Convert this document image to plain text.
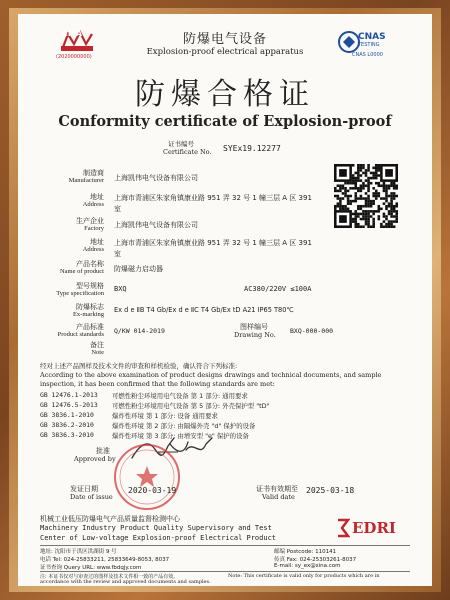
CMA
(2020000000)
防爆电气设备
Explosion-proof electrical apparatus
CNAS
TESTING
CNAS L0000
防爆合格证
Conformity certificate of Explosion-proof
证书编号
Certificate No. SYEx19.12277
制造商
Manufacturer 上海凯伟电气设备有限公司
地址
Address
上海市青浦区朱家角镇康业路 951 弄 32 号 1 幢三层 A 区 391
室
生产企业
Factory 上海凯伟电气设备有限公司
地址
Address
上海市青浦区朱家角镇康业路 951 弄 32 号 1 幢三层 A 区 391
室
产品名称
Name of product 防爆磁力启动器
型号规格
Type specification
BXQ	AC380/220V ≤100A
防爆标志
Ex-marking
Ex d e ⅡB T4 Gb/Ex d e ⅡC T4 Gb/Ex tD A21 IP65 T80℃
产品标准
Product standards Q/KW 014-2019	图样编号
Drawing No. BXQ-000-000
备注
Note
经对上述产品图样及技术文件的审查和样机检验，确认符合下列标准:
According to the above examination of product designs drawings and technical documents, and sample
inspection, it has been confirmed that the following standards are met:
GB 12476.1-2013 可燃性粉尘环境用电气设备 第 1 部分: 通用要求
GB 12476.5-2013 可燃性粉尘环境用电气设备 第 5 部分: 外壳保护型 "tD"
GB 3836.1-2010	爆炸性环境 第 1 部分: 设备 通用要求
GB 3836.2-2010	爆炸性环境 第 2 部分: 由隔爆外壳 "d" 保护的设备
GB 3836.3-2010	爆炸性环境 第 3 部分: 由增安型 "e" 保护的设备
批准
Approved by
发证日期
Date of issue
2020-03-19	证书有效期至
Valid date
2025-03-18
机械工业低压防爆电气产品质量监督检测中心
Machinery Industry Product Quality Supervisory and Test
Center of Low-voltage Explosion-proof Electrical Product
EDRI
地址: 沈阳市于洪区洪湖街 9 号	邮编 Postcode: 110141
电话 Tel: 024-25833211, 25833649-8053, 8037	传真 Fax: 024-25303261-8037
证书查询 Query URL: www.fbdqjy.com	E-mail: sy_ex@sina.com
注: 本证书仅对与审查过的图样及技术文件相一致的产品有效。	Note: This certificate is valid only for products which are in
accordance with the review and approved documents and samples.
